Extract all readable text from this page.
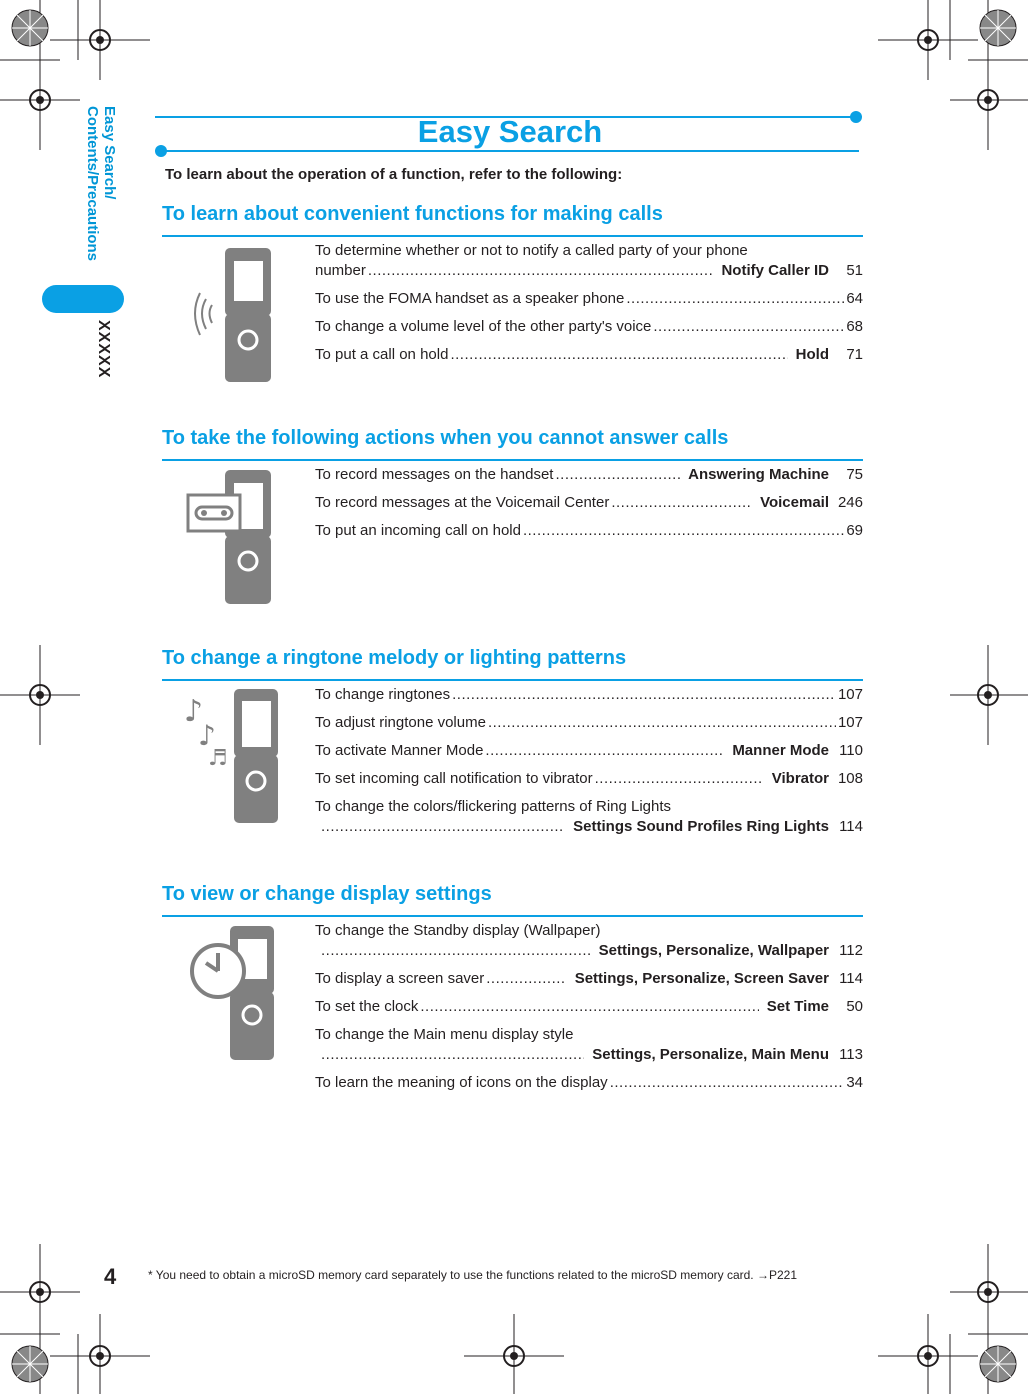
Easy Search/
Contents/Precautions
XXXXX
Easy Search
To learn about the operation of a function, refer to the following:
To learn about convenient functions for making calls
To determine whether or not to notify a called party of your phone
number .....	Notify Caller ID	51
To use the FOMA handset as a speaker phone .....	64
To change a volume level of the other party's voice .....	68
To put a call on hold .....	Hold	71
To take the following actions when you cannot answer calls
To record messages on the handset .....	Answering Machine	75
To record messages at the Voicemail Center .....	Voicemail 246
To put an incoming call on hold .....	69
To change a ringtone melody or lighting patterns
♪
♪
♬
To change ringtones .....	107
To adjust ringtone volume .....	107
To activate Manner Mode .....	Manner Mode 110
To set incoming call notification to vibrator .....	Vibrator 108
To change the colors/flickering patterns of Ring Lights
.....
Settings Sound Profiles Ring Lights 114
To view or change display settings
To change the Standby display (Wallpaper)
.....
Settings, Personalize, Wallpaper 112
To display a screen saver .....	Settings, Personalize, Screen Saver 114
To set the clock .....	Set Time	50
To change the Main menu display style
.....
Settings, Personalize, Main Menu 113
To learn the meaning of icons on the display .....	34
4	* You need to obtain a microSD memory card separately to use the functions related to the microSD memory card. →P221
